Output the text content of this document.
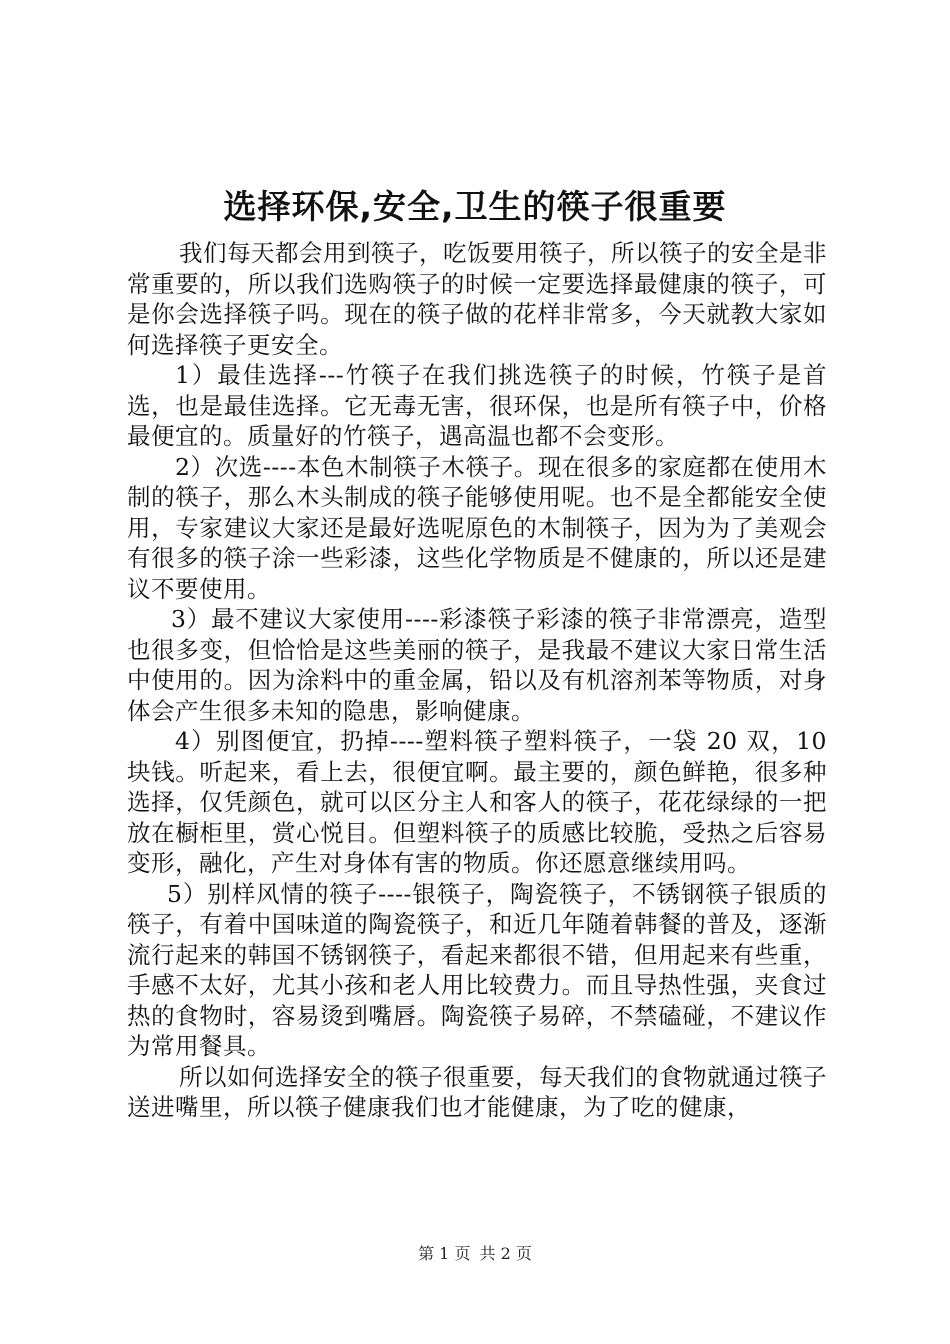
选择环保,安全,卫生的筷子很重要

我们每天都会用到筷子，吃饭要用筷子，所以筷子的安全是非常重要的，所以我们选购筷子的时候一定要选择最健康的筷子，可是你会选择筷子吗。现在的筷子做的花样非常多，今天就教大家如何选择筷子更安全。

1）最佳选择---竹筷子在我们挑选筷子的时候，竹筷子是首选，也是最佳选择。它无毒无害，很环保，也是所有筷子中，价格最便宜的。质量好的竹筷子，遇高温也都不会变形。

2）次选----本色木制筷子木筷子。现在很多的家庭都在使用木制的筷子，那么木头制成的筷子能够使用呢。也不是全都能安全使用，专家建议大家还是最好选呢原色的木制筷子，因为为了美观会有很多的筷子涂一些彩漆，这些化学物质是不健康的，所以还是建议不要使用。

3）最不建议大家使用----彩漆筷子彩漆的筷子非常漂亮，造型也很多变，但恰恰是这些美丽的筷子，是我最不建议大家日常生活中使用的。因为涂料中的重金属，铅以及有机溶剂苯等物质，对身体会产生很多未知的隐患，影响健康。

4）别图便宜，扔掉----塑料筷子塑料筷子，一袋 20 双，10 块钱。听起来，看上去，很便宜啊。最主要的，颜色鲜艳，很多种选择，仅凭颜色，就可以区分主人和客人的筷子，花花绿绿的一把放在橱柜里，赏心悦目。但塑料筷子的质感比较脆，受热之后容易变形，融化，产生对身体有害的物质。你还愿意继续用吗。

5）别样风情的筷子----银筷子，陶瓷筷子，不锈钢筷子银质的筷子，有着中国味道的陶瓷筷子，和近几年随着韩餐的普及，逐渐流行起来的韩国不锈钢筷子，看起来都很不错，但用起来有些重，手感不太好，尤其小孩和老人用比较费力。而且导热性强，夹食过热的食物时，容易烫到嘴唇。陶瓷筷子易碎，不禁磕碰，不建议作为常用餐具。

所以如何选择安全的筷子很重要，每天我们的食物就通过筷子送进嘴里，所以筷子健康我们也才能健康，为了吃的健康，

第 1 页 共 2 页
